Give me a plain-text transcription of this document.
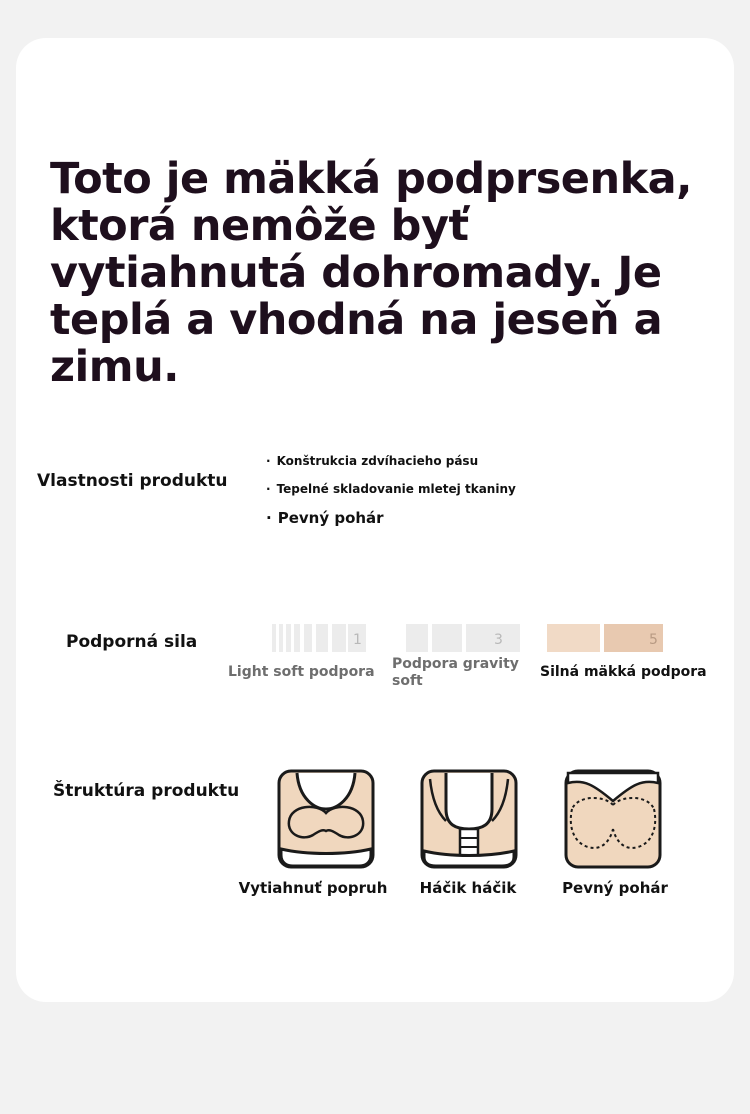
Toto je mäkká podprsenka, ktorá nemôže byť vytiahnutá dohromady. Je teplá a vhodná na jeseň a zimu.
Vlastnosti produktu
· Konštrukcia zdvíhacieho pásu
· Tepelné skladovanie mletej tkaniny
· Pevný pohár
Podporná sila	1
Light soft podpora
3
Podpora gravity
soft
5
Silná mäkká podpora
Štruktúra produktu
Vytiahnuť popruh	Háčik háčik	Pevný pohár
